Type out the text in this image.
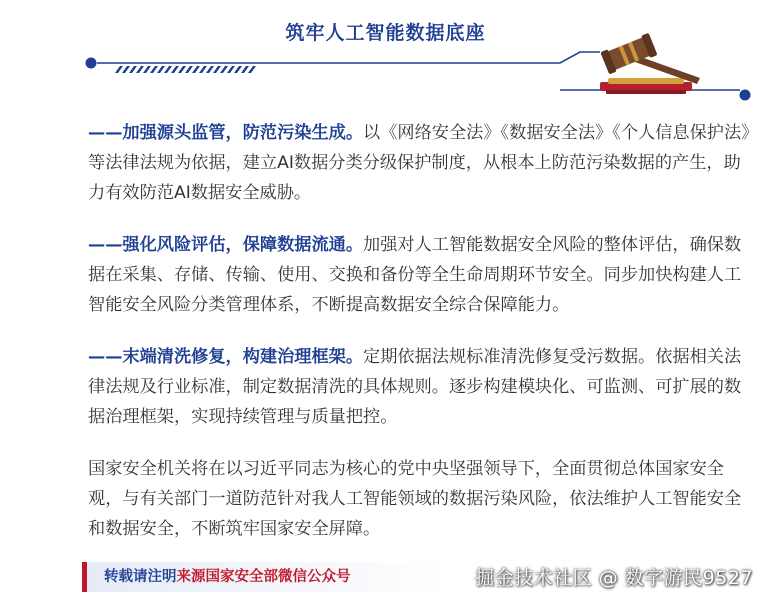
筑牢人工智能数据底座

——加强源头监管，防范污染生成。以《网络安全法》《数据安全法》《个人信息保护法》等法律法规为依据，建立AI数据分类分级保护制度，从根本上防范污染数据的产生，助力有效防范AI数据安全威胁。

——强化风险评估，保障数据流通。加强对人工智能数据安全风险的整体评估，确保数据在采集、存储、传输、使用、交换和备份等全生命周期环节安全。同步加快构建人工智能安全风险分类管理体系，不断提高数据安全综合保障能力。

——末端清洗修复，构建治理框架。定期依据法规标准清洗修复受污数据。依据相关法律法规及行业标准，制定数据清洗的具体规则。逐步构建模块化、可监测、可扩展的数据治理框架，实现持续管理与质量把控。

国家安全机关将在以习近平同志为核心的党中央坚强领导下，全面贯彻总体国家安全观，与有关部门一道防范针对我人工智能领域的数据污染风险，依法维护人工智能安全和数据安全，不断筑牢国家安全屏障。

转载请注明来源国家安全部微信公众号	掘金技术社区 @ 数字游民9527
